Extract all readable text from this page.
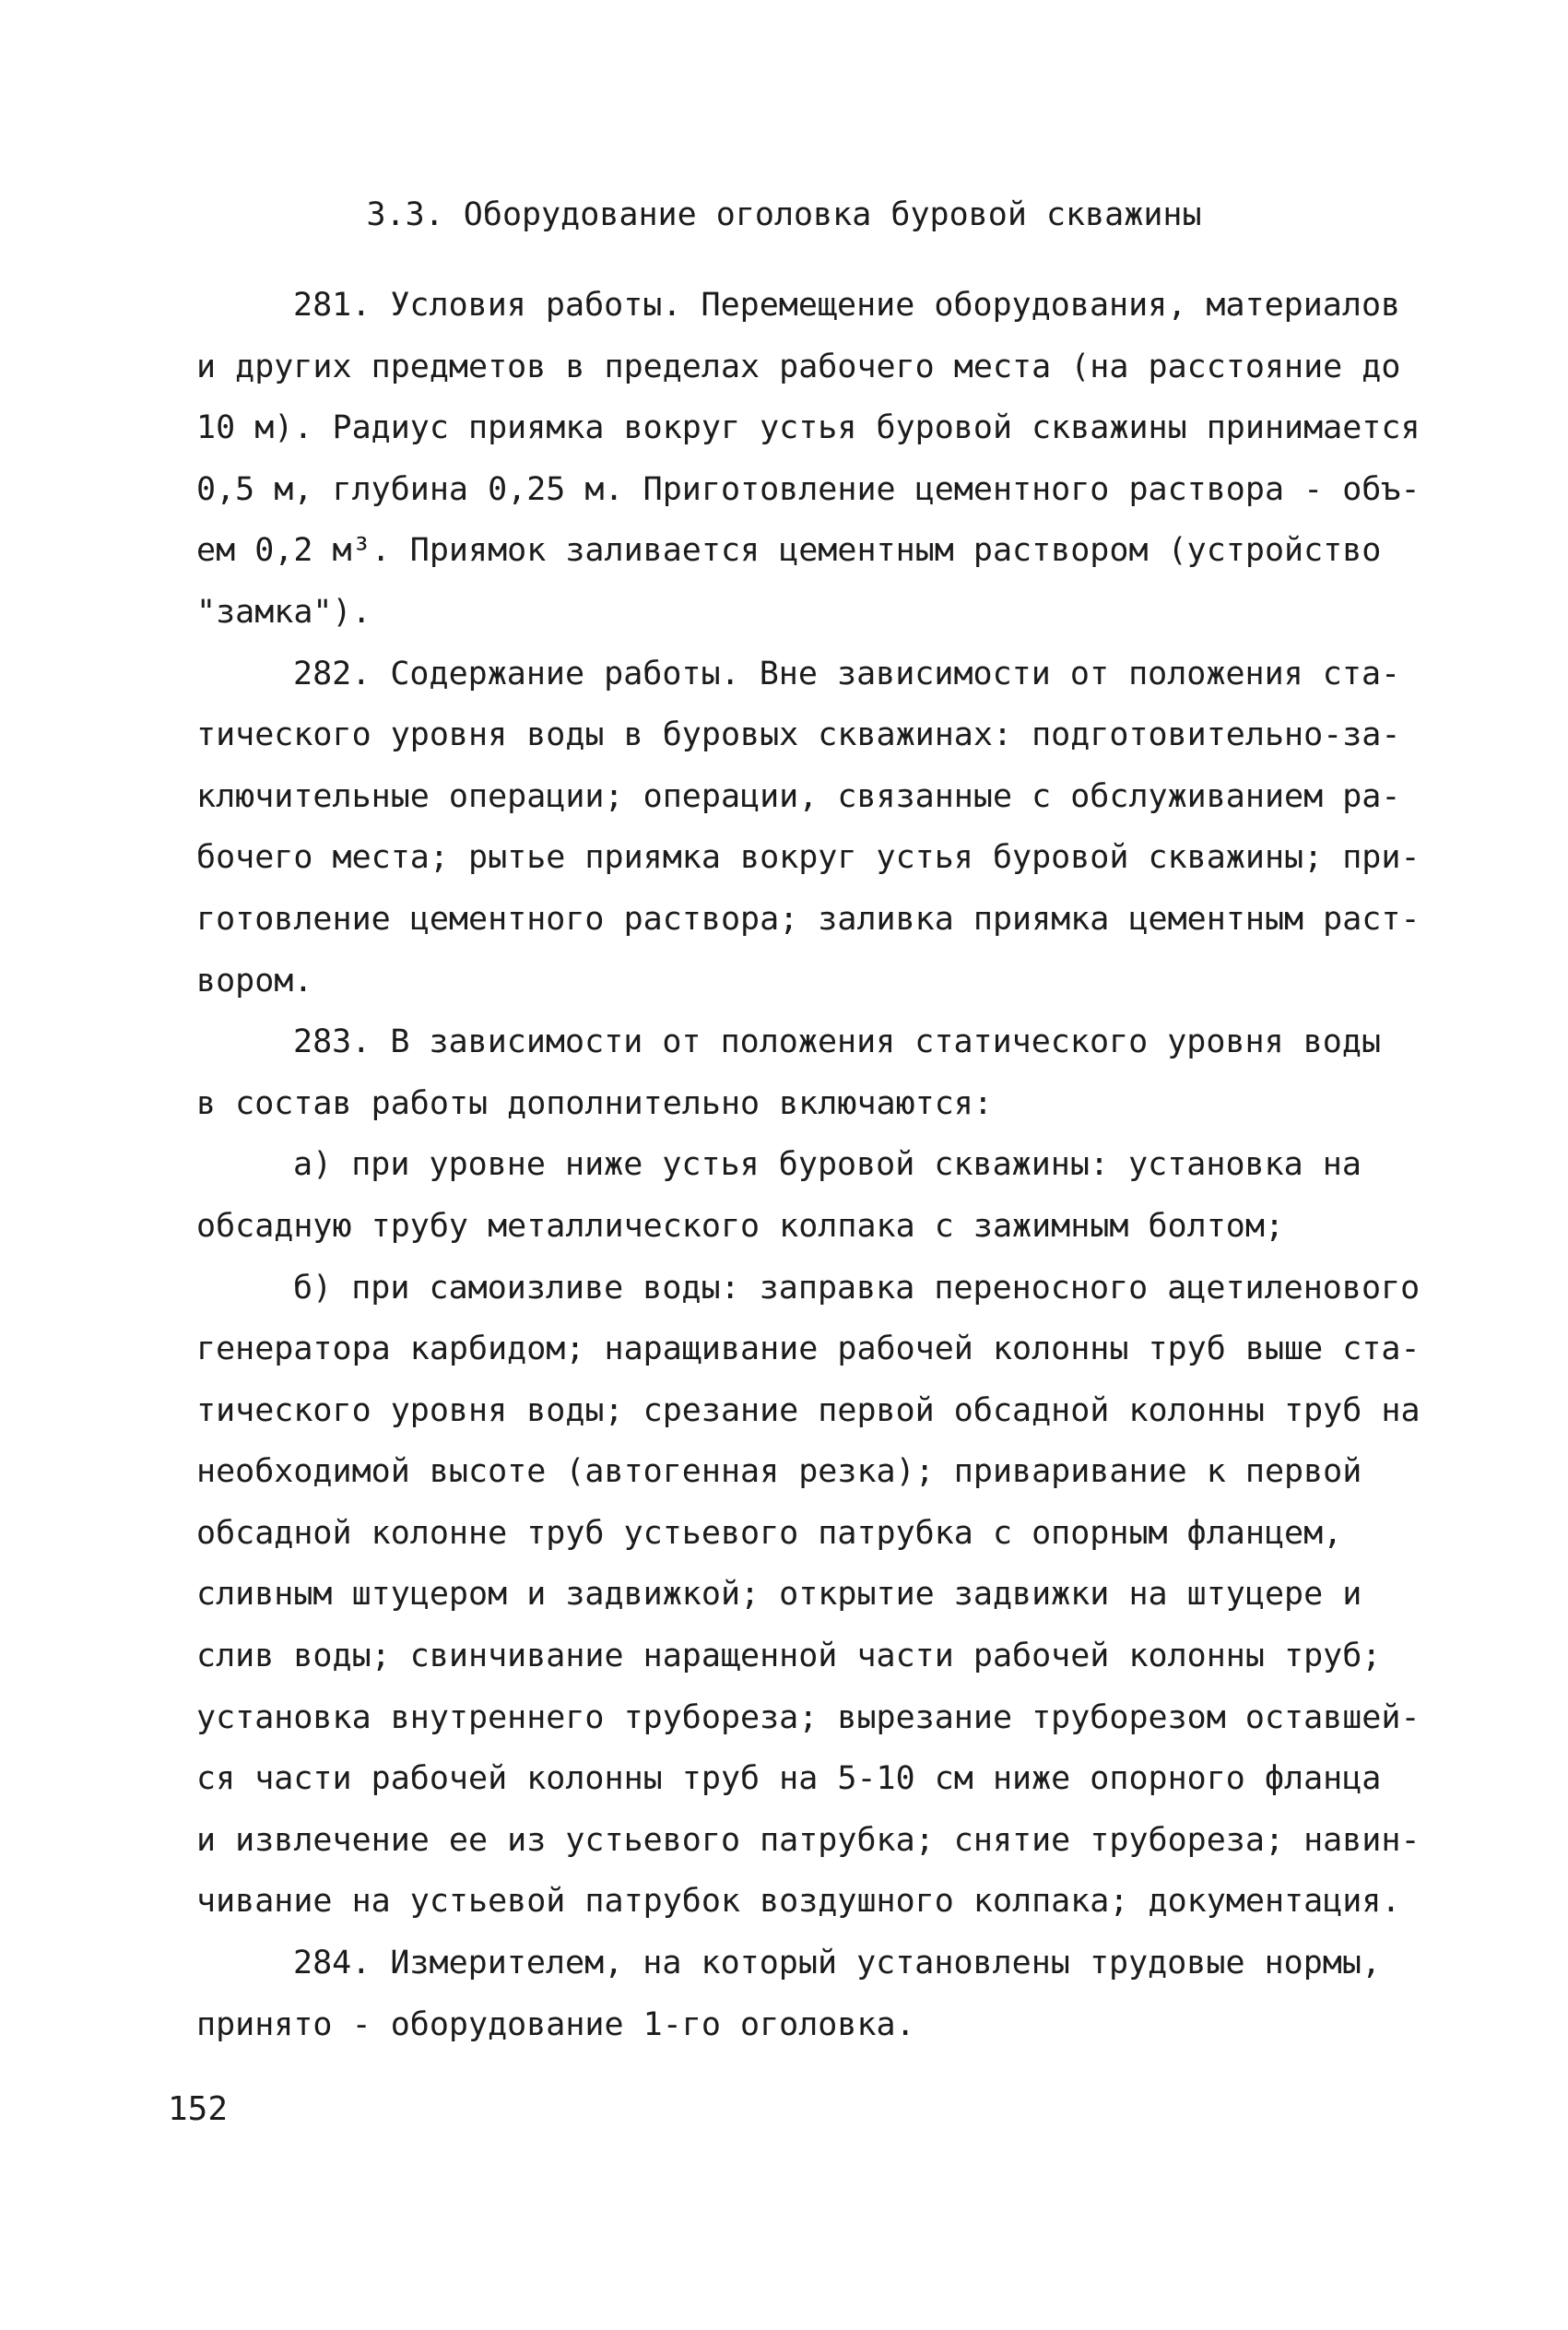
3.3. Оборудование оголовка буровой скважины
281. Условия работы. Перемещение оборудования, материалов
и других предметов в пределах рабочего места (на расстояние до
10 м). Радиус приямка вокруг устья буровой скважины принимается
0,5 м, глубина 0,25 м. Приготовление цементного раствора - объ-
ем 0,2 м³. Приямок заливается цементным раствором (устройство
"замка").
282. Содержание работы. Вне зависимости от положения ста-
тического уровня воды в буровых скважинах: подготовительно-за-
ключительные операции; операции, связанные с обслуживанием ра-
бочего места; рытье приямка вокруг устья буровой скважины; при-
готовление цементного раствора; заливка приямка цементным раст-
вором.
283. В зависимости от положения статического уровня воды
в состав работы дополнительно включаются:
а) при уровне ниже устья буровой скважины: установка на
обсадную трубу металлического колпака с зажимным болтом;
б) при самоизливе воды: заправка переносного ацетиленового
генератора карбидом; наращивание рабочей колонны труб выше ста-
тического уровня воды; срезание первой обсадной колонны труб на
необходимой высоте (автогенная резка); приваривание к первой
обсадной колонне труб устьевого патрубка с опорным фланцем,
сливным штуцером и задвижкой; открытие задвижки на штуцере и
слив воды; свинчивание наращенной части рабочей колонны труб;
установка внутреннего трубореза; вырезание труборезом оставшей-
ся части рабочей колонны труб на 5-10 см ниже опорного фланца
и извлечение ее из устьевого патрубка; снятие трубореза; навин-
чивание на устьевой патрубок воздушного колпака; документация.
284. Измерителем, на который установлены трудовые нормы,
принято - оборудование 1-го оголовка.
152
